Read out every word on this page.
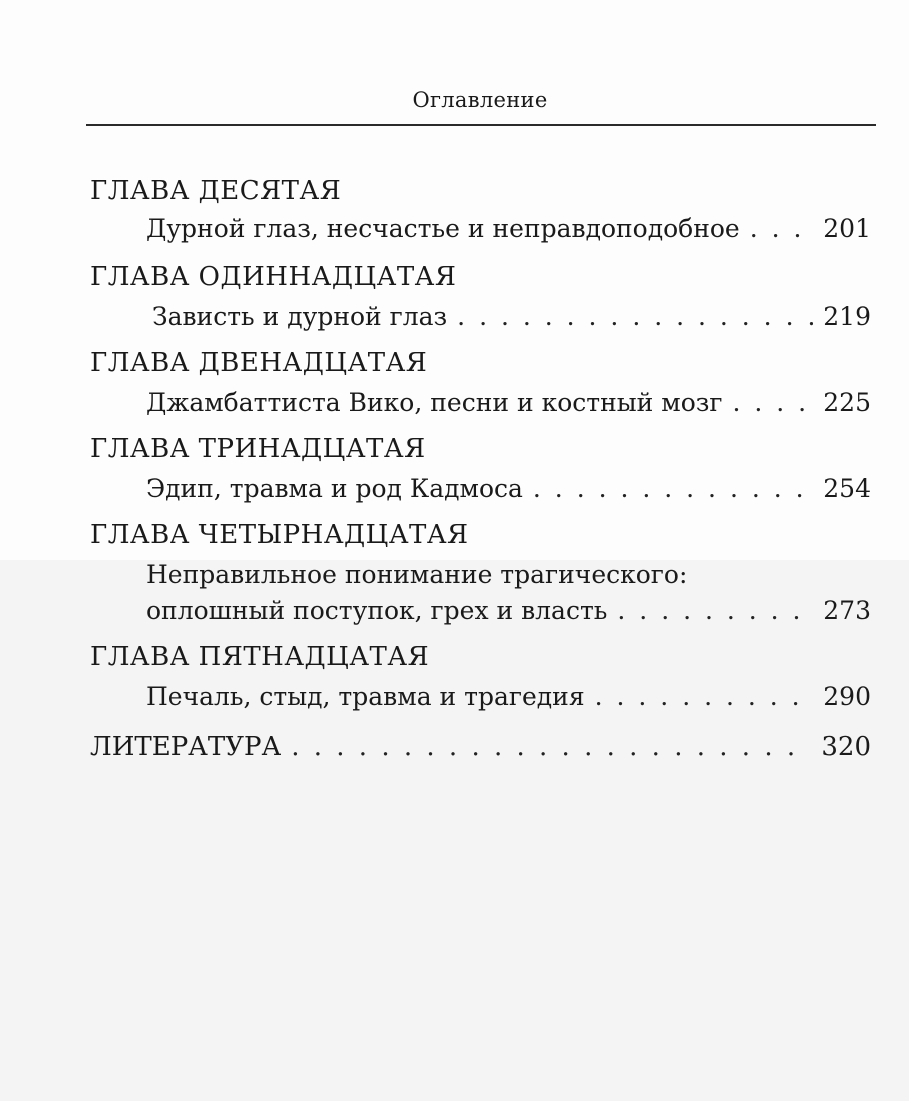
Оглавление
ГЛАВА ДЕСЯТАЯ
Дурной глаз, несчастье и неправдоподобное . . .	201
ГЛАВА ОДИННАДЦАТАЯ
Зависть и дурной глаз . . .	219
ГЛАВА ДВЕНАДЦАТАЯ
Джамбаттиста Вико, песни и костный мозг . . .	225
ГЛАВА ТРИНАДЦАТАЯ
Эдип, травма и род Кадмоса . . .	254
ГЛАВА ЧЕТЫРНАДЦАТАЯ
Неправильное понимание трагического:
оплошный поступок, грех и власть . . .	273
ГЛАВА ПЯТНАДЦАТАЯ
Печаль, стыд, травма и трагедия . . .	290
ЛИТЕРАТУРА . . .	320
